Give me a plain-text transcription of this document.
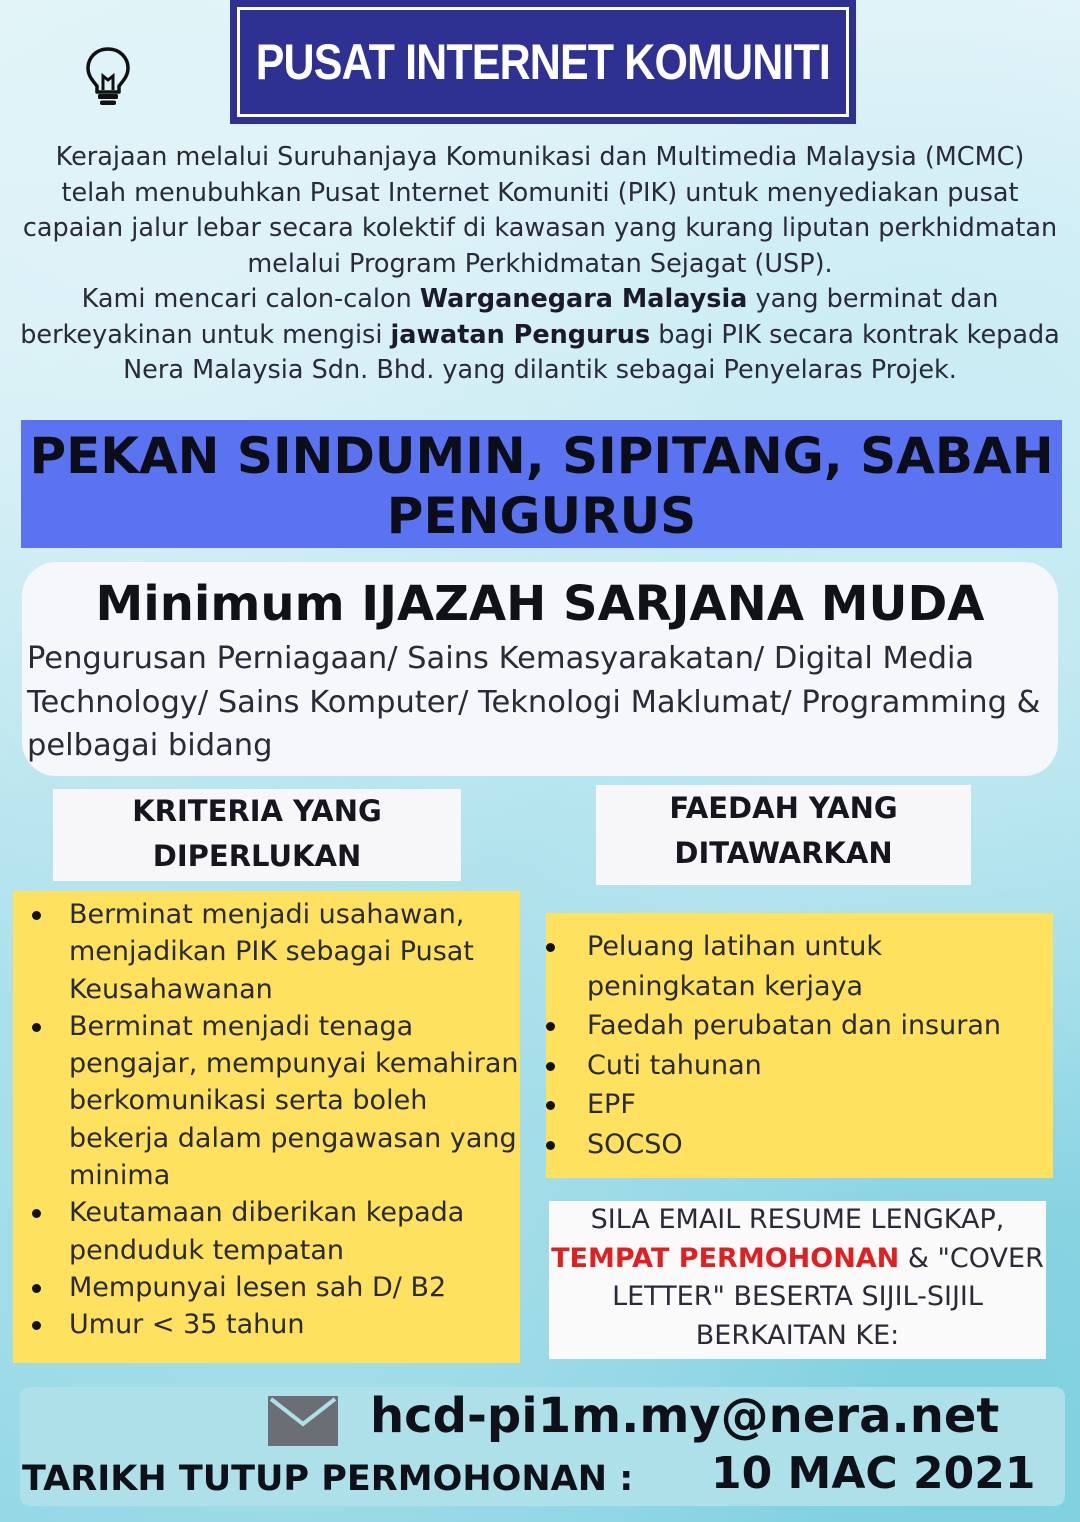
PUSAT INTERNET KOMUNITI
Kerajaan melalui Suruhanjaya Komunikasi dan Multimedia Malaysia (MCMC) telah menubuhkan Pusat Internet Komuniti (PIK) untuk menyediakan pusat capaian jalur lebar secara kolektif di kawasan yang kurang liputan perkhidmatan melalui Program Perkhidmatan Sejagat (USP).
Kami mencari calon-calon Warganegara Malaysia yang berminat dan berkeyakinan untuk mengisi jawatan Pengurus bagi PIK secara kontrak kepada Nera Malaysia Sdn. Bhd. yang dilantik sebagai Penyelaras Projek.
PEKAN SINDUMIN, SIPITANG, SABAH
PENGURUS
Minimum IJAZAH SARJANA MUDA
Pengurusan Perniagaan/ Sains Kemasyarakatan/ Digital Media Technology/ Sains Komputer/ Teknologi Maklumat/ Programming & pelbagai bidang
KRITERIA YANG DIPERLUKAN
FAEDAH YANG DITAWARKAN
Berminat menjadi usahawan, menjadikan PIK sebagai Pusat Keusahawanan
Berminat menjadi tenaga pengajar, mempunyai kemahiran berkomunikasi serta boleh bekerja dalam pengawasan yang minima
Keutamaan diberikan kepada penduduk tempatan
Mempunyai lesen sah D/ B2
Umur < 35 tahun
Peluang latihan untuk peningkatan kerjaya
Faedah perubatan dan insuran
Cuti tahunan
EPF
SOCSO
SILA EMAIL RESUME LENGKAP,
TEMPAT PERMOHONAN & "COVER LETTER" BESERTA SIJIL-SIJIL BERKAITAN KE:
hcd-pi1m.my@nera.net
TARIKH TUTUP PERMOHONAN : 10 MAC 2021
